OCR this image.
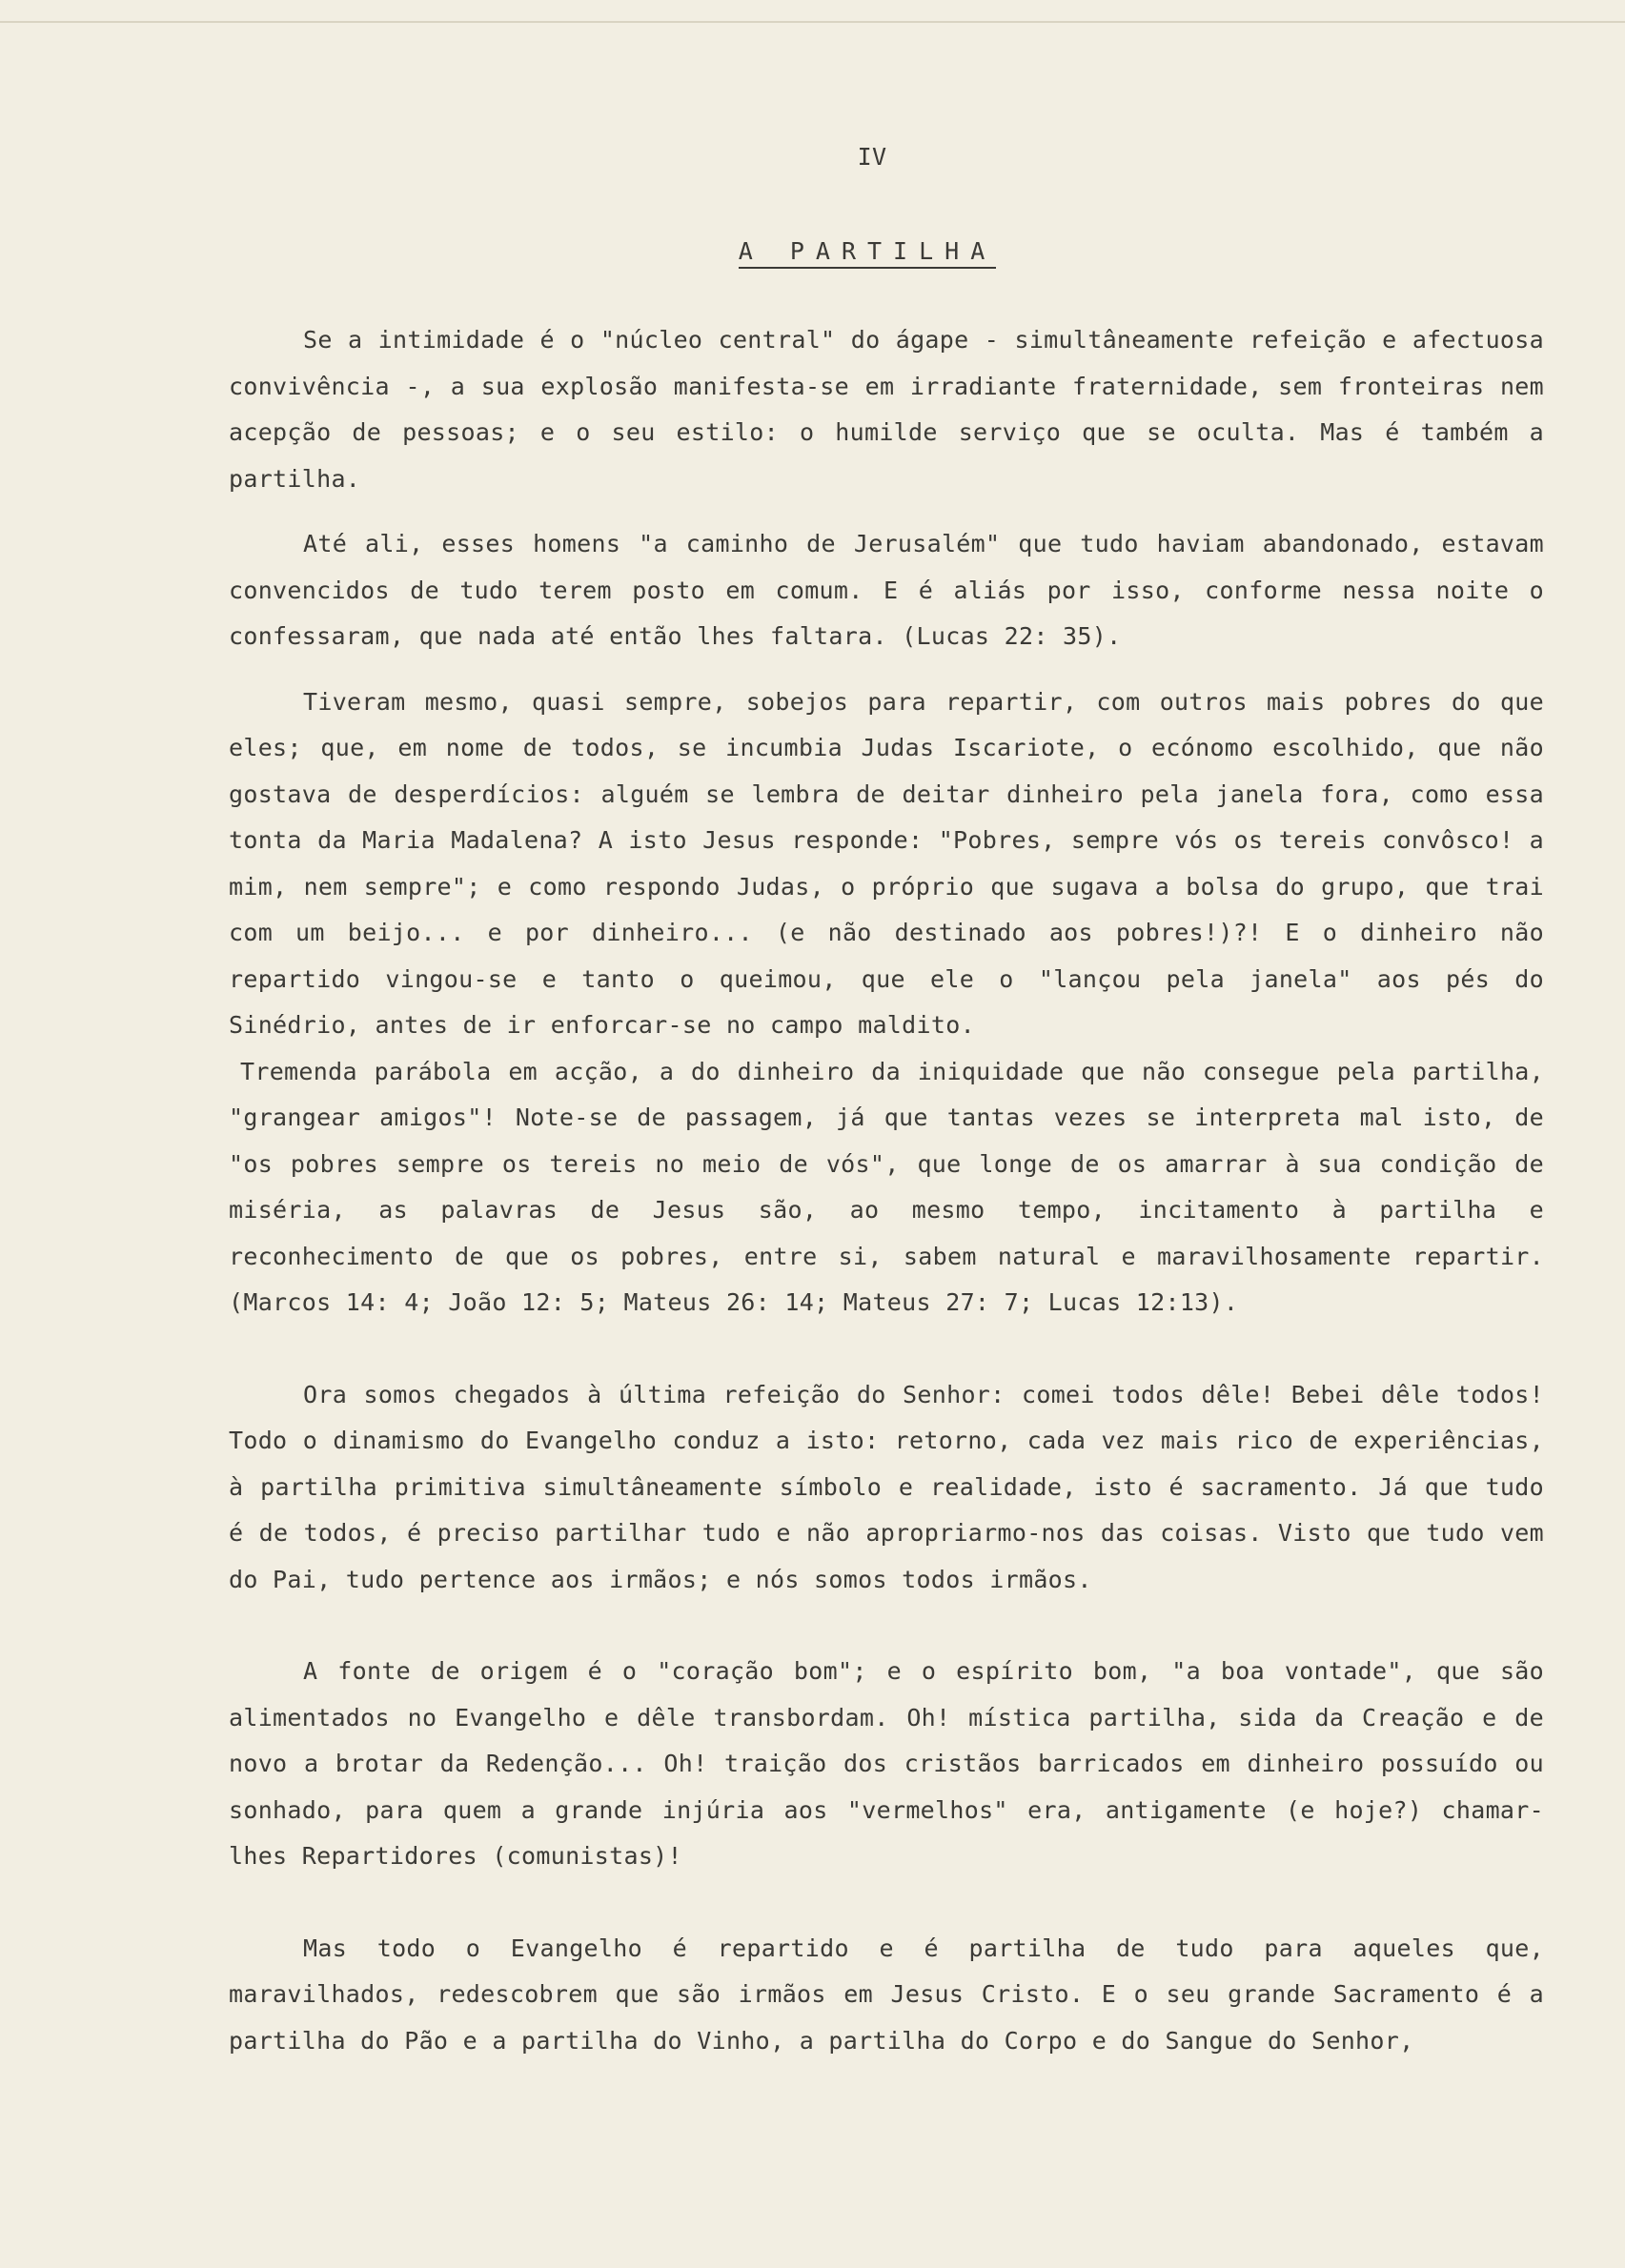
IV

A PARTILHA

Se a intimidade é o "núcleo central" do ágape - simultâneamente refeição e afectuosa convivência -, a sua explosão manifesta-se em irradiante fraternidade, sem fronteiras nem acepção de pessoas; e o seu estilo: o humilde serviço que se oculta. Mas é também a partilha.

Até ali, esses homens "a caminho de Jerusalém" que tudo haviam abandonado, estavam convencidos de tudo terem posto em comum. E é aliás por isso, conforme nessa noite o confessaram, que nada até então lhes faltara. (Lucas 22: 35).

Tiveram mesmo, quasi sempre, sobejos para repartir, com outros mais pobres do que eles; que, em nome de todos, se incumbia Judas Iscariote, o ecónomo escolhido, que não gostava de desperdícios: alguém se lembra de deitar dinheiro pela janela fora, como essa tonta da Maria Madalena? A isto Jesus responde: "Pobres, sempre vós os tereis convôsco! a mim, nem sempre"; e como respondo Judas, o próprio que sugava a bolsa do grupo, que trai com um beijo... e por dinheiro... (e não destinado aos pobres!)?! E o dinheiro não repartido vingou-se e tanto o queimou, que ele o "lançou pela janela" aos pés do Sinédrio, antes de ir enforcar-se no campo maldito.

Tremenda parábola em acção, a do dinheiro da iniquidade que não consegue pela partilha, "grangear amigos"! Note-se de passagem, já que tantas vezes se interpreta mal isto, de "os pobres sempre os tereis no meio de vós", que longe de os amarrar à sua condição de miséria, as palavras de Jesus são, ao mesmo tempo, incitamento à partilha e reconhecimento de que os pobres, entre si, sabem natural e maravilhosamente repartir. (Marcos 14: 4; João 12: 5; Mateus 26: 14; Mateus 27: 7; Lucas 12:13).

Ora somos chegados à última refeição do Senhor: comei todos dêle! Bebei dêle todos! Todo o dinamismo do Evangelho conduz a isto: retorno, cada vez mais rico de experiências, à partilha primitiva simultâneamente símbolo e realidade, isto é sacramento. Já que tudo é de todos, é preciso partilhar tudo e não apropriarmo-nos das coisas. Visto que tudo vem do Pai, tudo pertence aos irmãos; e nós somos todos irmãos.

A fonte de origem é o "coração bom"; e o espírito bom, "a boa vontade", que são alimentados no Evangelho e dêle transbordam. Oh! mística partilha, sida da Creação e de novo a brotar da Redenção... Oh! traição dos cristãos barricados em dinheiro possuído ou sonhado, para quem a grande injúria aos "vermelhos" era, antigamente (e hoje?) chamar-lhes Repartidores (comunistas)!

Mas todo o Evangelho é repartido e é partilha de tudo para aqueles que, maravilhados, redescobrem que são irmãos em Jesus Cristo. E o seu grande Sacramento é a partilha do Pão e a partilha do Vinho, a partilha do Corpo e do Sangue do Senhor,
